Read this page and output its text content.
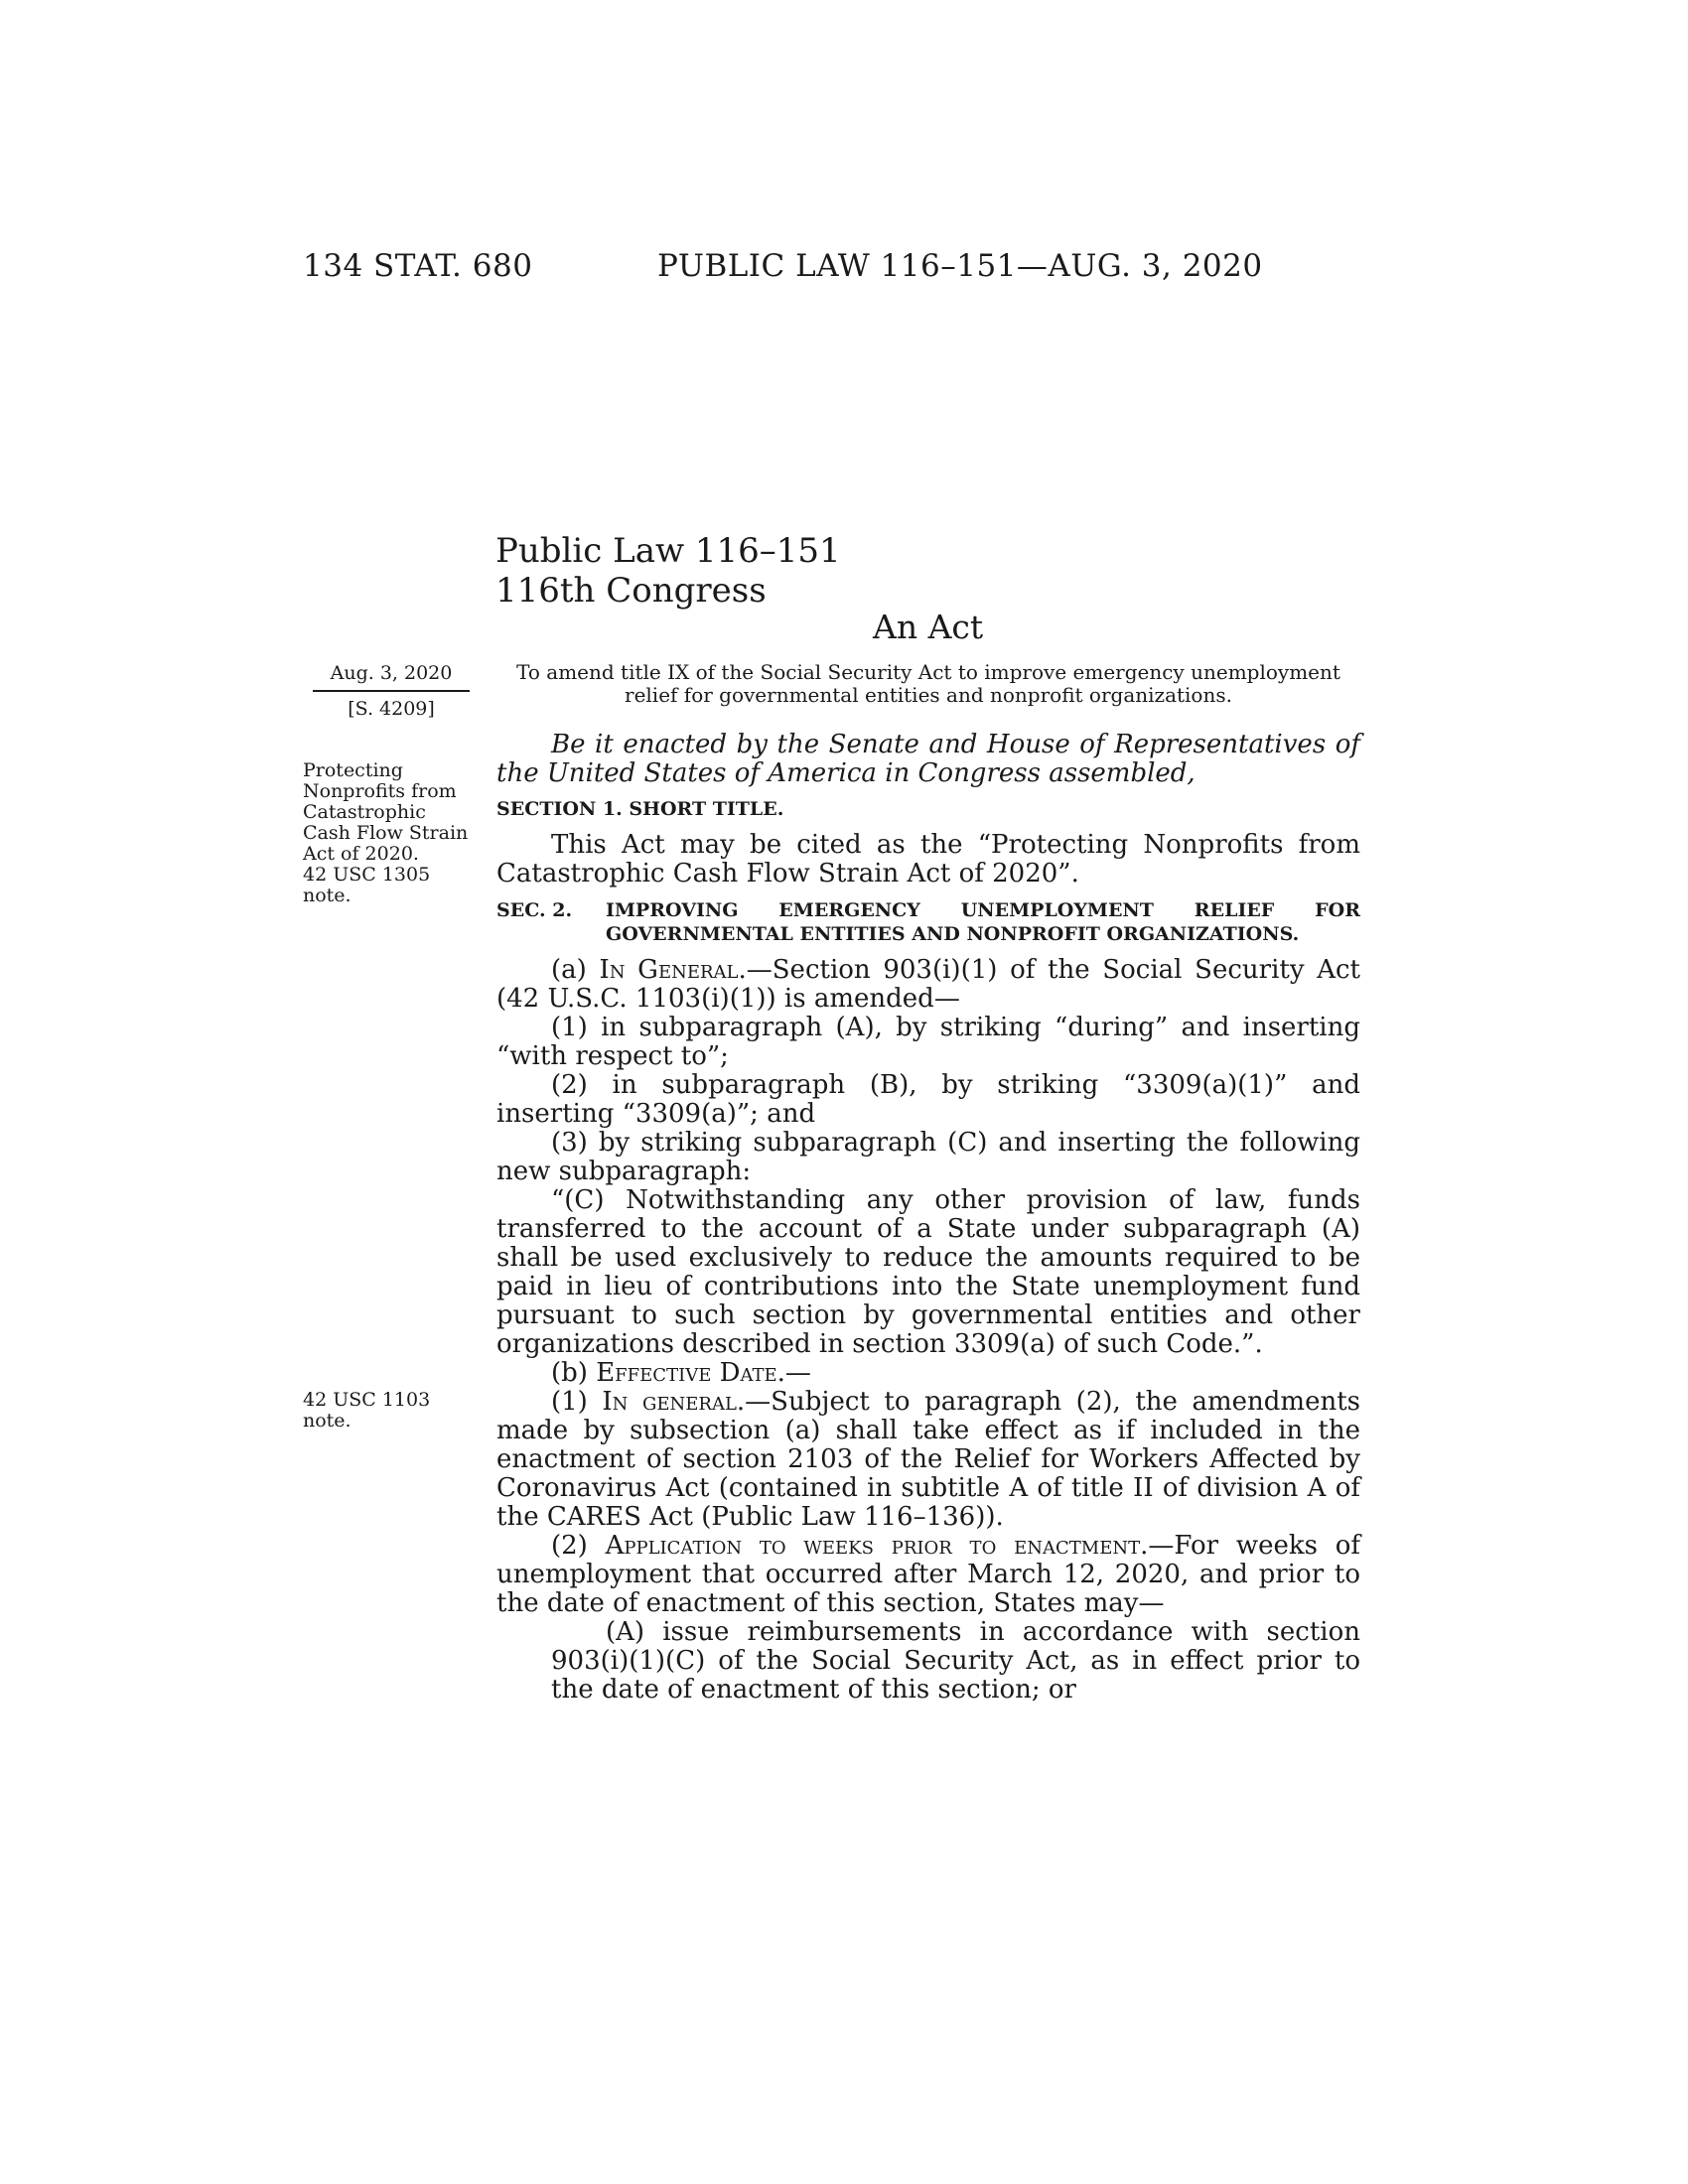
134 STAT. 680	PUBLIC LAW 116–151—AUG. 3, 2020
Public Law 116–151
116th Congress
An Act
Aug. 3, 2020
[S. 4209]
To amend title IX of the Social Security Act to improve emergency unemployment
relief for governmental entities and nonprofit organizations.
Protecting
Nonprofits from
Catastrophic
Cash Flow Strain
Act of 2020.
42 USC 1305
note.
42 USC 1103
note.

Be it enacted by the Senate and House of Representatives of the United States of America in Congress assembled,

SECTION 1. SHORT TITLE.

This Act may be cited as the “Protecting Nonprofits from Catastrophic Cash Flow Strain Act of 2020”.

SEC. 2.	IMPROVING EMERGENCY UNEMPLOYMENT RELIEF FOR GOVERNMENTAL ENTITIES AND NONPROFIT ORGANIZATIONS.

(a) In General.—Section 903(i)(1) of the Social Security Act (42 U.S.C. 1103(i)(1)) is amended—

(1) in subparagraph (A), by striking “during” and inserting “with respect to”;

(2) in subparagraph (B), by striking “3309(a)(1)” and inserting “3309(a)”; and

(3) by striking subparagraph (C) and inserting the following new subparagraph:

“(C) Notwithstanding any other provision of law, funds transferred to the account of a State under subparagraph (A) shall be used exclusively to reduce the amounts required to be paid in lieu of contributions into the State unemployment fund pursuant to such section by governmental entities and other organizations described in section 3309(a) of such Code.”.

(b) Effective Date.—

(1) In general.—Subject to paragraph (2), the amendments made by subsection (a) shall take effect as if included in the enactment of section 2103 of the Relief for Workers Affected by Coronavirus Act (contained in subtitle A of title II of division A of the CARES Act (Public Law 116–136)).

(2) Application to weeks prior to enactment.—For weeks of unemployment that occurred after March 12, 2020, and prior to the date of enactment of this section, States may—

(A) issue reimbursements in accordance with section 903(i)(1)(C) of the Social Security Act, as in effect prior to the date of enactment of this section; or
